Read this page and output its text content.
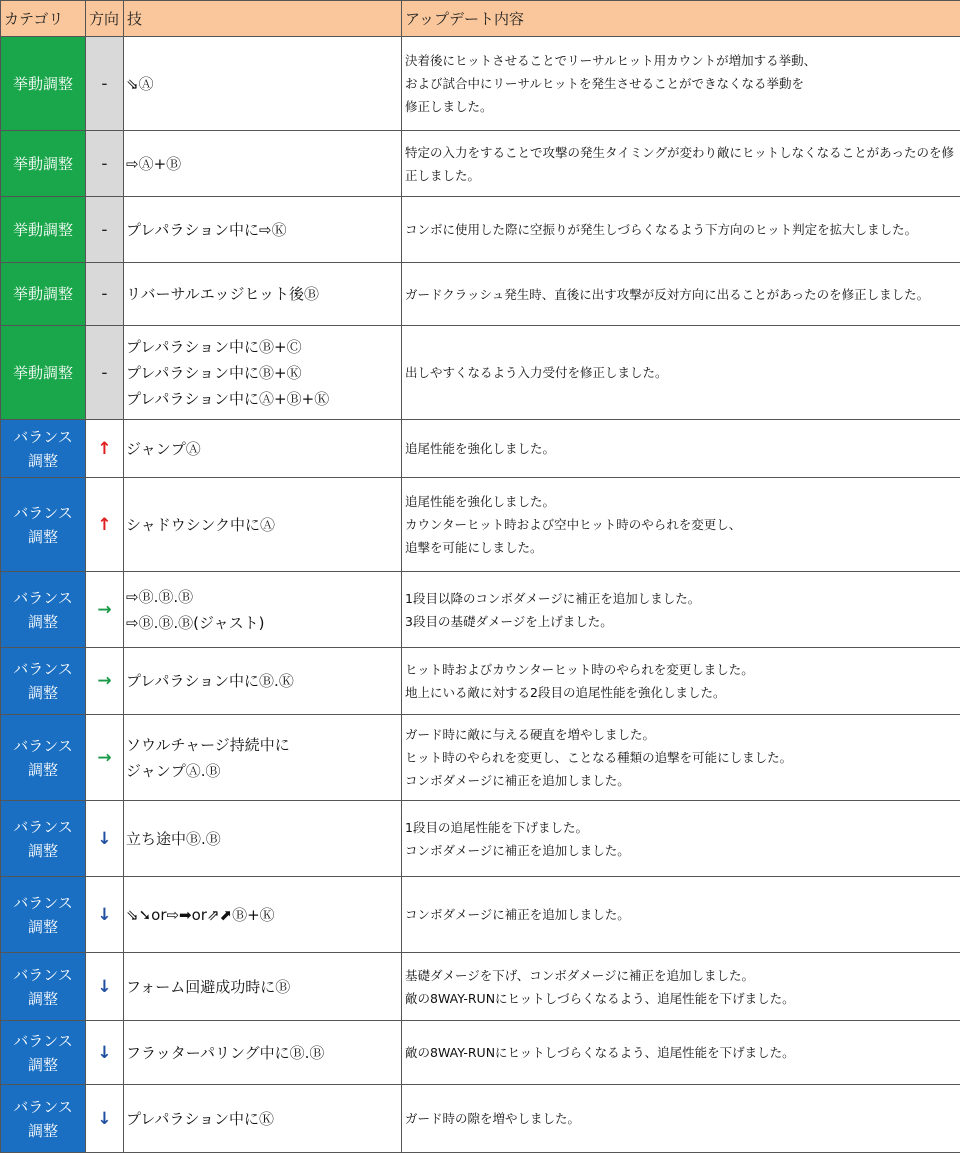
カテゴリ	方向	技	アップデート内容

挙動調整	-	⇘Ⓐ	決着後にヒットさせることでリーサルヒット用カウントが増加する挙動、
および試合中にリーサルヒットを発生させることができなくなる挙動を
修正しました。

挙動調整	-	⇨Ⓐ+Ⓑ	特定の入力をすることで攻撃の発生タイミングが変わり敵にヒットしなくなることがあったのを修正しました。

挙動調整	-	プレパラション中に⇨Ⓚ	コンボに使用した際に空振りが発生しづらくなるよう下方向のヒット判定を拡大しました。

挙動調整	-	リバーサルエッジヒット後Ⓑ	ガードクラッシュ発生時、直後に出す攻撃が反対方向に出ることがあったのを修正しました。

挙動調整	-	プレパラション中にⒷ+Ⓒ
プレパラション中にⒷ+Ⓚ
プレパラション中にⒶ+Ⓑ+Ⓚ	出しやすくなるよう入力受付を修正しました。

バランス
調整	↑	ジャンプⒶ	追尾性能を強化しました。

バランス
調整	↑	シャドウシンク中にⒶ	追尾性能を強化しました。
カウンターヒット時および空中ヒット時のやられを変更し、
追撃を可能にしました。

バランス
調整	→	⇨Ⓑ.Ⓑ.Ⓑ
⇨Ⓑ.Ⓑ.Ⓑ(ジャスト)	1段目以降のコンボダメージに補正を追加しました。
3段目の基礎ダメージを上げました。

バランス
調整	→	プレパラション中にⒷ.Ⓚ	ヒット時およびカウンターヒット時のやられを変更しました。
地上にいる敵に対する2段目の追尾性能を強化しました。

バランス
調整	→	ソウルチャージ持続中に
ジャンプⒶ.Ⓑ	ガード時に敵に与える硬直を増やしました。
ヒット時のやられを変更し、ことなる種類の追撃を可能にしました。
コンボダメージに補正を追加しました。

バランス
調整	↓	立ち途中Ⓑ.Ⓑ	1段目の追尾性能を下げました。
コンボダメージに補正を追加しました。

バランス
調整	↓	⇘➘or⇨➡or⇗⬈Ⓑ+Ⓚ	コンボダメージに補正を追加しました。

バランス
調整	↓	フォーム回避成功時にⒷ	基礎ダメージを下げ、コンボダメージに補正を追加しました。
敵の8WAY-RUNにヒットしづらくなるよう、追尾性能を下げました。

バランス
調整	↓	フラッターパリング中にⒷ.Ⓑ	敵の8WAY-RUNにヒットしづらくなるよう、追尾性能を下げました。

バランス
調整	↓	プレパラション中にⓀ	ガード時の隙を増やしました。
